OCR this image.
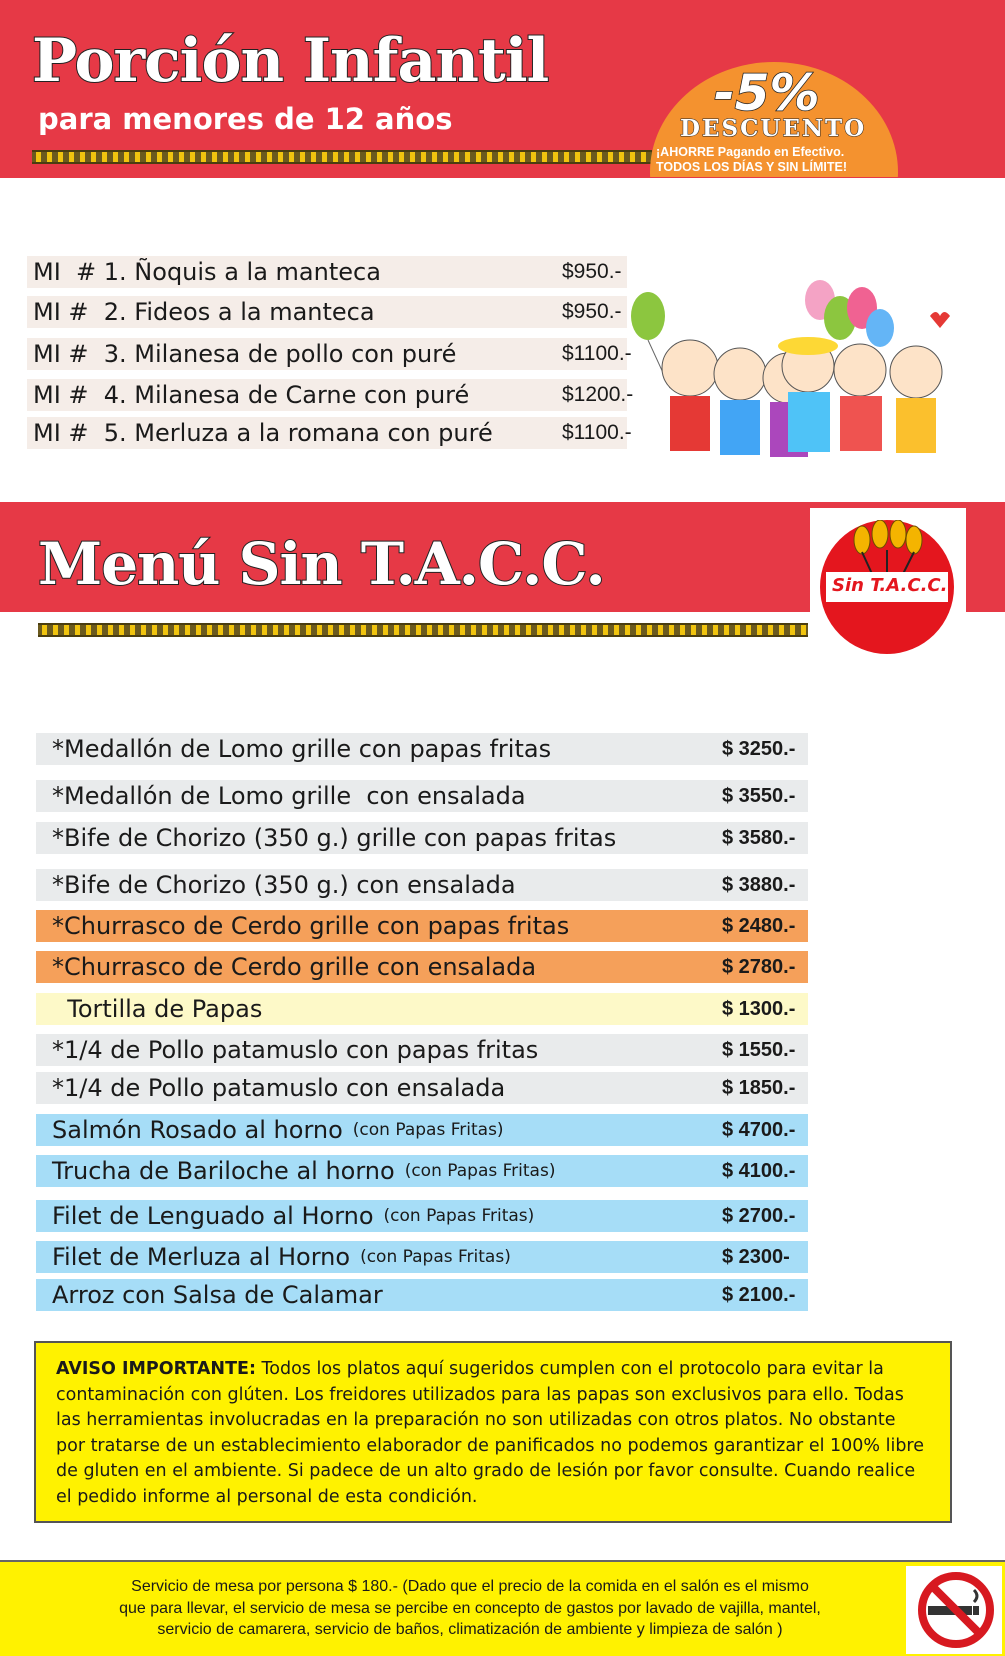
Porción Infantil
para menores de 12 años	-5%
DESCUENTO
¡AHORRE Pagando en Efectivo.
TODOS LOS DÍAS Y SIN LÍMITE!
MI  # 1. Ñoquis a la manteca	$950.-
MI #  2. Fideos a la manteca	$950.-
MI #  3. Milanesa de pollo con puré	$1100.-
MI #  4. Milanesa de Carne con puré	$1200.-
MI #  5. Merluza a la romana con puré	$1100.-
Menú Sin T.A.C.C.	Sin T.A.C.C.
*Medallón de Lomo grille con papas fritas	$ 3250.-
*Medallón de Lomo grille  con ensalada	$ 3550.-
*Bife de Chorizo (350 g.) grille con papas fritas	$ 3580.-
*Bife de Chorizo (350 g.) con ensalada	$ 3880.-
*Churrasco de Cerdo grille con papas fritas	$ 2480.-
*Churrasco de Cerdo grille con ensalada	$ 2780.-
Tortilla de Papas	$ 1300.-
*1/4 de Pollo patamuslo con papas fritas	$ 1550.-
*1/4 de Pollo patamuslo con ensalada	$ 1850.-
Salmón Rosado al horno (con Papas Fritas)	$ 4700.-
Trucha de Bariloche al horno (con Papas Fritas)	$ 4100.-
Filet de Lenguado al Horno (con Papas Fritas)	$ 2700.-
Filet de Merluza al Horno (con Papas Fritas)	$ 2300-
Arroz con Salsa de Calamar	$ 2100.-
AVISO IMPORTANTE: Todos los platos aquí sugeridos cumplen con el protocolo para evitar la contaminación con glúten. Los freidores utilizados para las papas son exclusivos para ello. Todas las herramientas involucradas en la preparación no son utilizadas con otros platos. No obstante por tratarse de un establecimiento elaborador de panificados no podemos garantizar el 100% libre de gluten en el ambiente. Si padece de un alto grado de lesión por favor consulte. Cuando realice el pedido informe al personal de esta condición.
Servicio de mesa por persona $ 180.- (Dado que el precio de la comida en el salón es el mismo
que para llevar, el servicio de mesa se percibe en concepto de gastos por lavado de vajilla, mantel,
servicio de camarera, servicio de baños, climatización de ambiente y limpieza de salón )
